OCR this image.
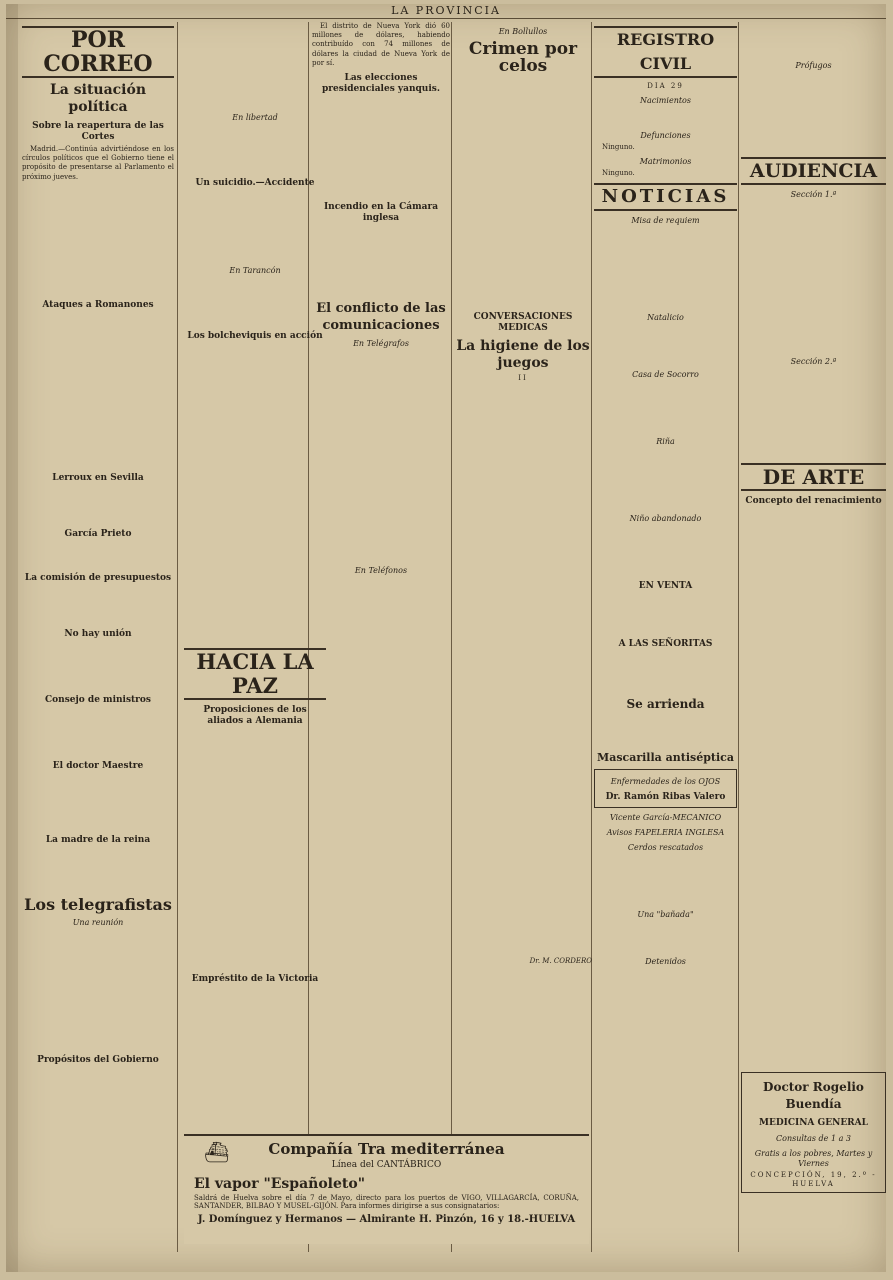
LA PROVINCIA
POR CORREO
La situación política
Sobre la reapertura de las Cortes

Madrid.—Continúa advirtiéndose en los círculos políticos que el Gobierno tiene el propósito de presentarse al Parlamento el próximo jueves.

Ataques a Romanones

Lerroux en Sevilla

García Prieto

La comisión de presupuestos

No hay unión

Consejo de ministros

El doctor Maestre

La madre de la reina

Los telegrafistas
Una reunión

Propósitos del Gobierno

En libertad

Un suicidio.—Accidente

En Tarancón

Los bolcheviquis en acción

HACIA LA PAZ
Proposiciones de los aliados a Alemania

Empréstito de la Victoria

El distrito de Nueva York dió 60 millones de dólares, habiendo contribuído con 74 millones de dólares la ciudad de Nueva York de por sí.

Las elecciones presidenciales yanquis.

Incendio en la Cámara inglesa

El conflicto de las comunicaciones
En Telégrafos

En Teléfonos
En Bollullos
Crimen por celos

CONVERSACIONES MEDICAS
La higiene de los juegos
II

Dr. M. CORDERO
REGISTRO CIVIL
DIA 29
Nacimientos

Defunciones

Ninguno.

Matrimonios

Ninguno.

NOTICIAS
Misa de requiem

Natalicio

Casa de Socorro

Riña

Niño abandonado

EN VENTA

A LAS SEÑORITAS

Se arrienda

Mascarilla antiséptica
Enfermedades de los OJOS
Dr. Ramón Ribas Valero
Vicente García-MECANICO
Avisos FAPELERIA INGLESA
Cerdos rescatados

Una "bañada"

Detenidos

Prófugos

AUDIENCIA
Sección 1.ª

Sección 2.ª

DE ARTE
Concepto del renacimiento

Doctor Rogelio Buendía
MEDICINA GENERAL
Consultas de 1 a 3
Gratis a los pobres, Martes y Viernes
CONCEPCIÓN, 19, 2.º - HUELVA
⛴	Compañía Tra mediterránea
Línea del CANTÁBRICO
El vapor "Españoleto"
Saldrá de Huelva sobre el día 7 de Mayo, directo para los puertos de VIGO, VILLAGARCÍA, CORUÑA, SANTANDER, BILBAO Y MUSEL-GIJÓN. Para informes dirigirse a sus consignatarios:
J. Domínguez y Hermanos — Almirante H. Pinzón, 16 y 18.-HUELVA
